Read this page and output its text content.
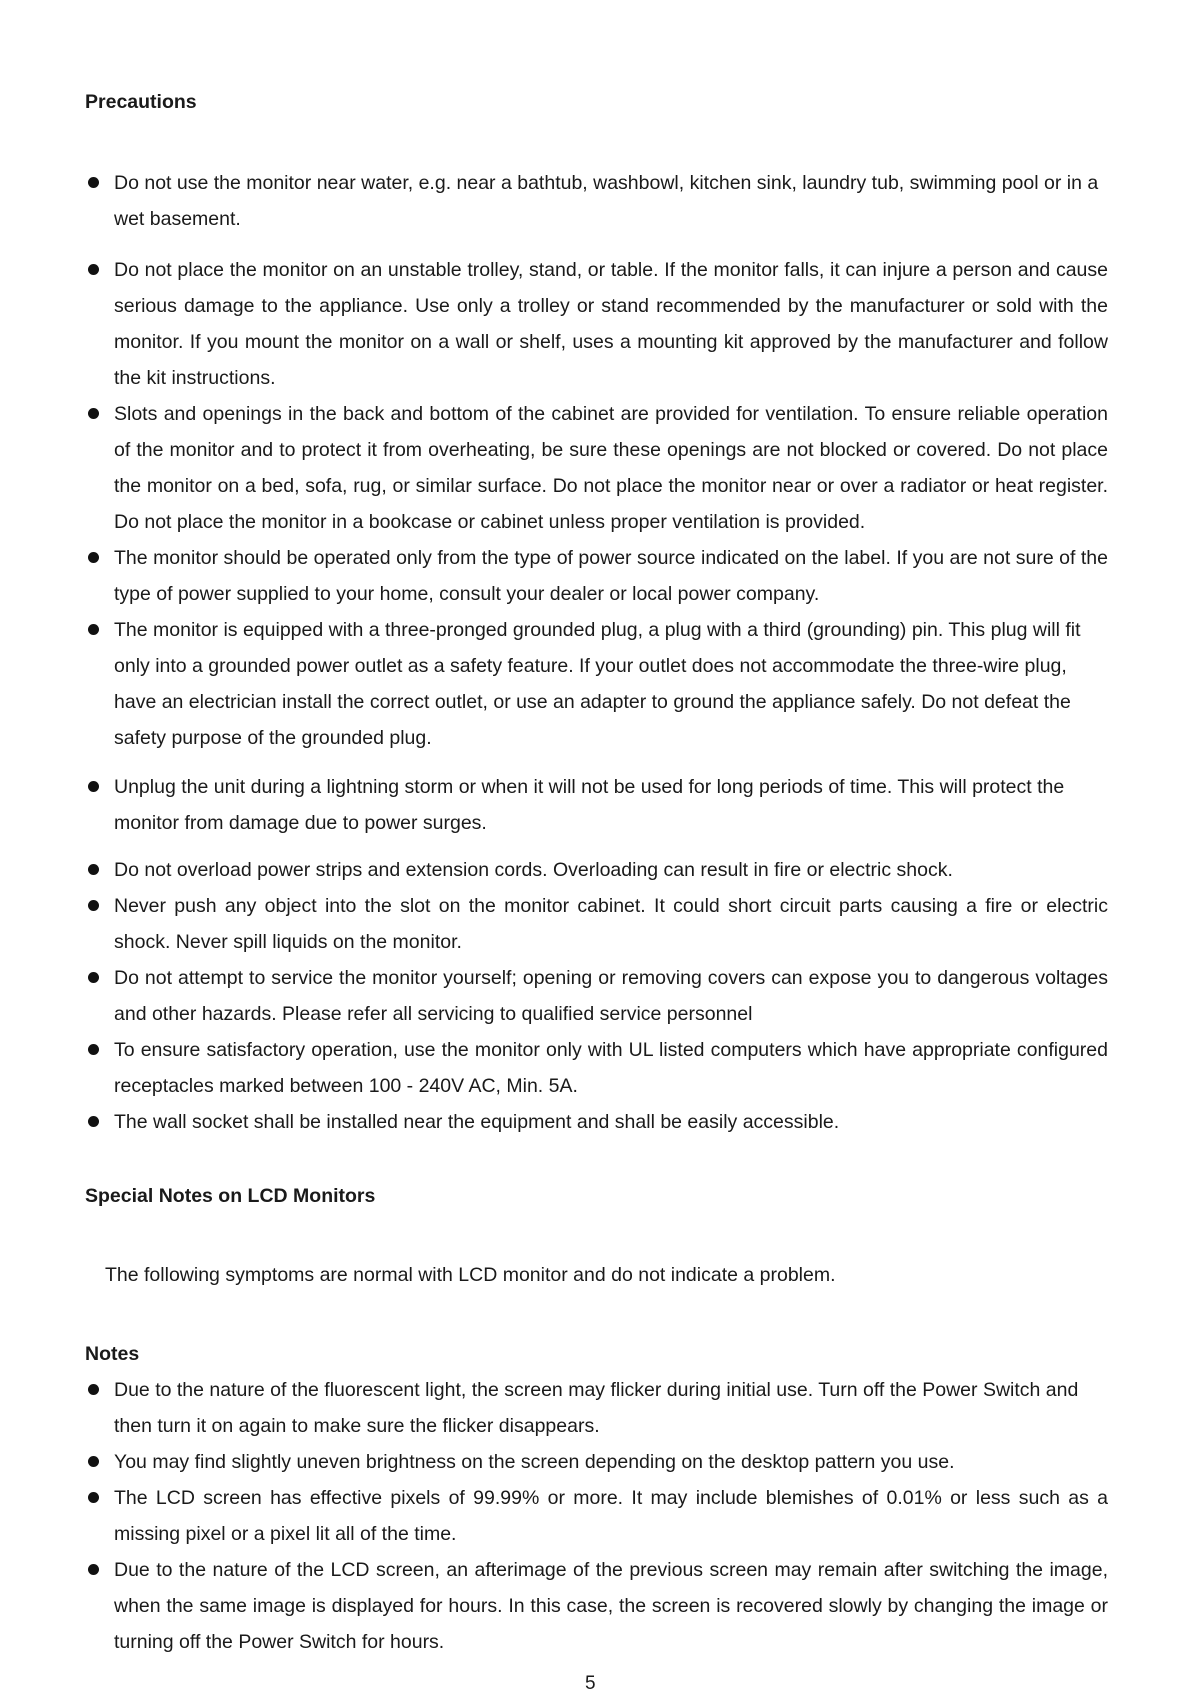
Precautions
Do not use the monitor near water, e.g. near a bathtub, washbowl, kitchen sink, laundry tub, swimming pool or in a wet basement.
Do not place the monitor on an unstable trolley, stand, or table. If the monitor falls, it can injure a person and cause serious damage to the appliance. Use only a trolley or stand recommended by the manufacturer or sold with the monitor. If you mount the monitor on a wall or shelf, uses a mounting kit approved by the manufacturer and follow the kit instructions.
Slots and openings in the back and bottom of the cabinet are provided for ventilation. To ensure reliable operation of the monitor and to protect it from overheating, be sure these openings are not blocked or covered. Do not place the monitor on a bed, sofa, rug, or similar surface. Do not place the monitor near or over a radiator or heat register. Do not place the monitor in a bookcase or cabinet unless proper ventilation is provided.
The monitor should be operated only from the type of power source indicated on the label. If you are not sure of the type of power supplied to your home, consult your dealer or local power company.
The monitor is equipped with a three-pronged grounded plug, a plug with a third (grounding) pin. This plug will fit only into a grounded power outlet as a safety feature. If your outlet does not accommodate the three-wire plug, have an electrician install the correct outlet, or use an adapter to ground the appliance safely. Do not defeat the safety purpose of the grounded plug.
Unplug the unit during a lightning storm or when it will not be used for long periods of time. This will protect the monitor from damage due to power surges.
Do not overload power strips and extension cords. Overloading can result in fire or electric shock.
Never push any object into the slot on the monitor cabinet. It could short circuit parts causing a fire or electric shock. Never spill liquids on the monitor.
Do not attempt to service the monitor yourself; opening or removing covers can expose you to dangerous voltages and other hazards. Please refer all servicing to qualified service personnel
To ensure satisfactory operation, use the monitor only with UL listed computers which have appropriate configured receptacles marked between 100 - 240V AC, Min. 5A.
The wall socket shall be installed near the equipment and shall be easily accessible.
Special Notes on LCD Monitors

The following symptoms are normal with LCD monitor and do not indicate a problem.

Notes
Due to the nature of the fluorescent light, the screen may flicker during initial use. Turn off the Power Switch and then turn it on again to make sure the flicker disappears.
You may find slightly uneven brightness on the screen depending on the desktop pattern you use.
The LCD screen has effective pixels of 99.99% or more. It may include blemishes of 0.01% or less such as a missing pixel or a pixel lit all of the time.
Due to the nature of the LCD screen, an afterimage of the previous screen may remain after switching the image, when the same image is displayed for hours. In this case, the screen is recovered slowly by changing the image or turning off the Power Switch for hours.
5
